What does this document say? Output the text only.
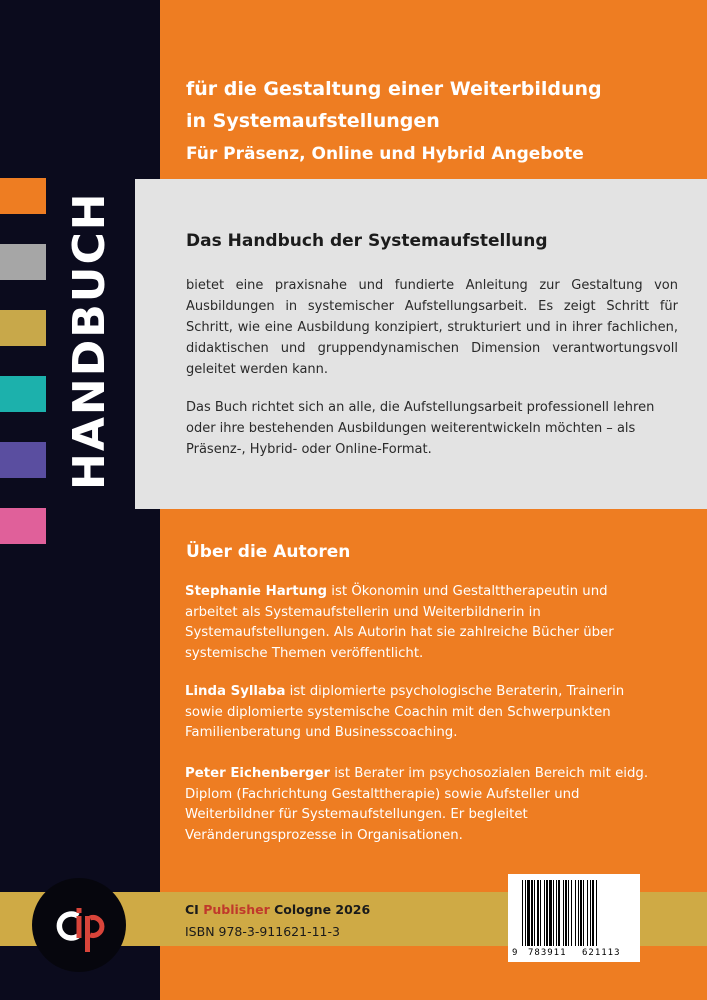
HANDBUCH
für die Gestaltung einer Weiterbildung
in Systemaufstellungen
Für Präsenz, Online und Hybrid Angebote
Das Handbuch der Systemaufstellung

bietet eine praxisnahe und fundierte Anleitung zur Gestaltung von Ausbildungen in systemischer Aufstellungsarbeit. Es zeigt Schritt für Schritt, wie eine Ausbildung konzipiert, strukturiert und in ihrer fachlichen, didaktischen und gruppendynamischen Dimension verantwortungsvoll geleitet werden kann.

Das Buch richtet sich an alle, die Aufstellungsarbeit professionell lehren oder ihre bestehenden Ausbildungen weiterentwickeln möchten – als Präsenz-, Hybrid- oder Online-Format.

Über die Autoren

Stephanie Hartung ist Ökonomin und Gestalttherapeutin und arbeitet als Systemaufstellerin und Weiterbildnerin in Systemaufstellungen. Als Autorin hat sie zahlreiche Bücher über systemische Themen veröffentlicht.

Linda Syllaba ist diplomierte psychologische Beraterin, Trainerin sowie diplomierte systemische Coachin mit den Schwerpunkten Familienberatung und Businesscoaching.

Peter Eichenberger ist Berater im psychosozialen Bereich mit eidg. Diplom (Fachrichtung Gestalttherapie) sowie Aufsteller und Weiterbildner für Systemaufstellungen. Er begleitet Veränderungsprozesse in Organisationen.

CI Publisher Cologne 2026
ISBN 978-3-911621-11-3
9 783911 621113
